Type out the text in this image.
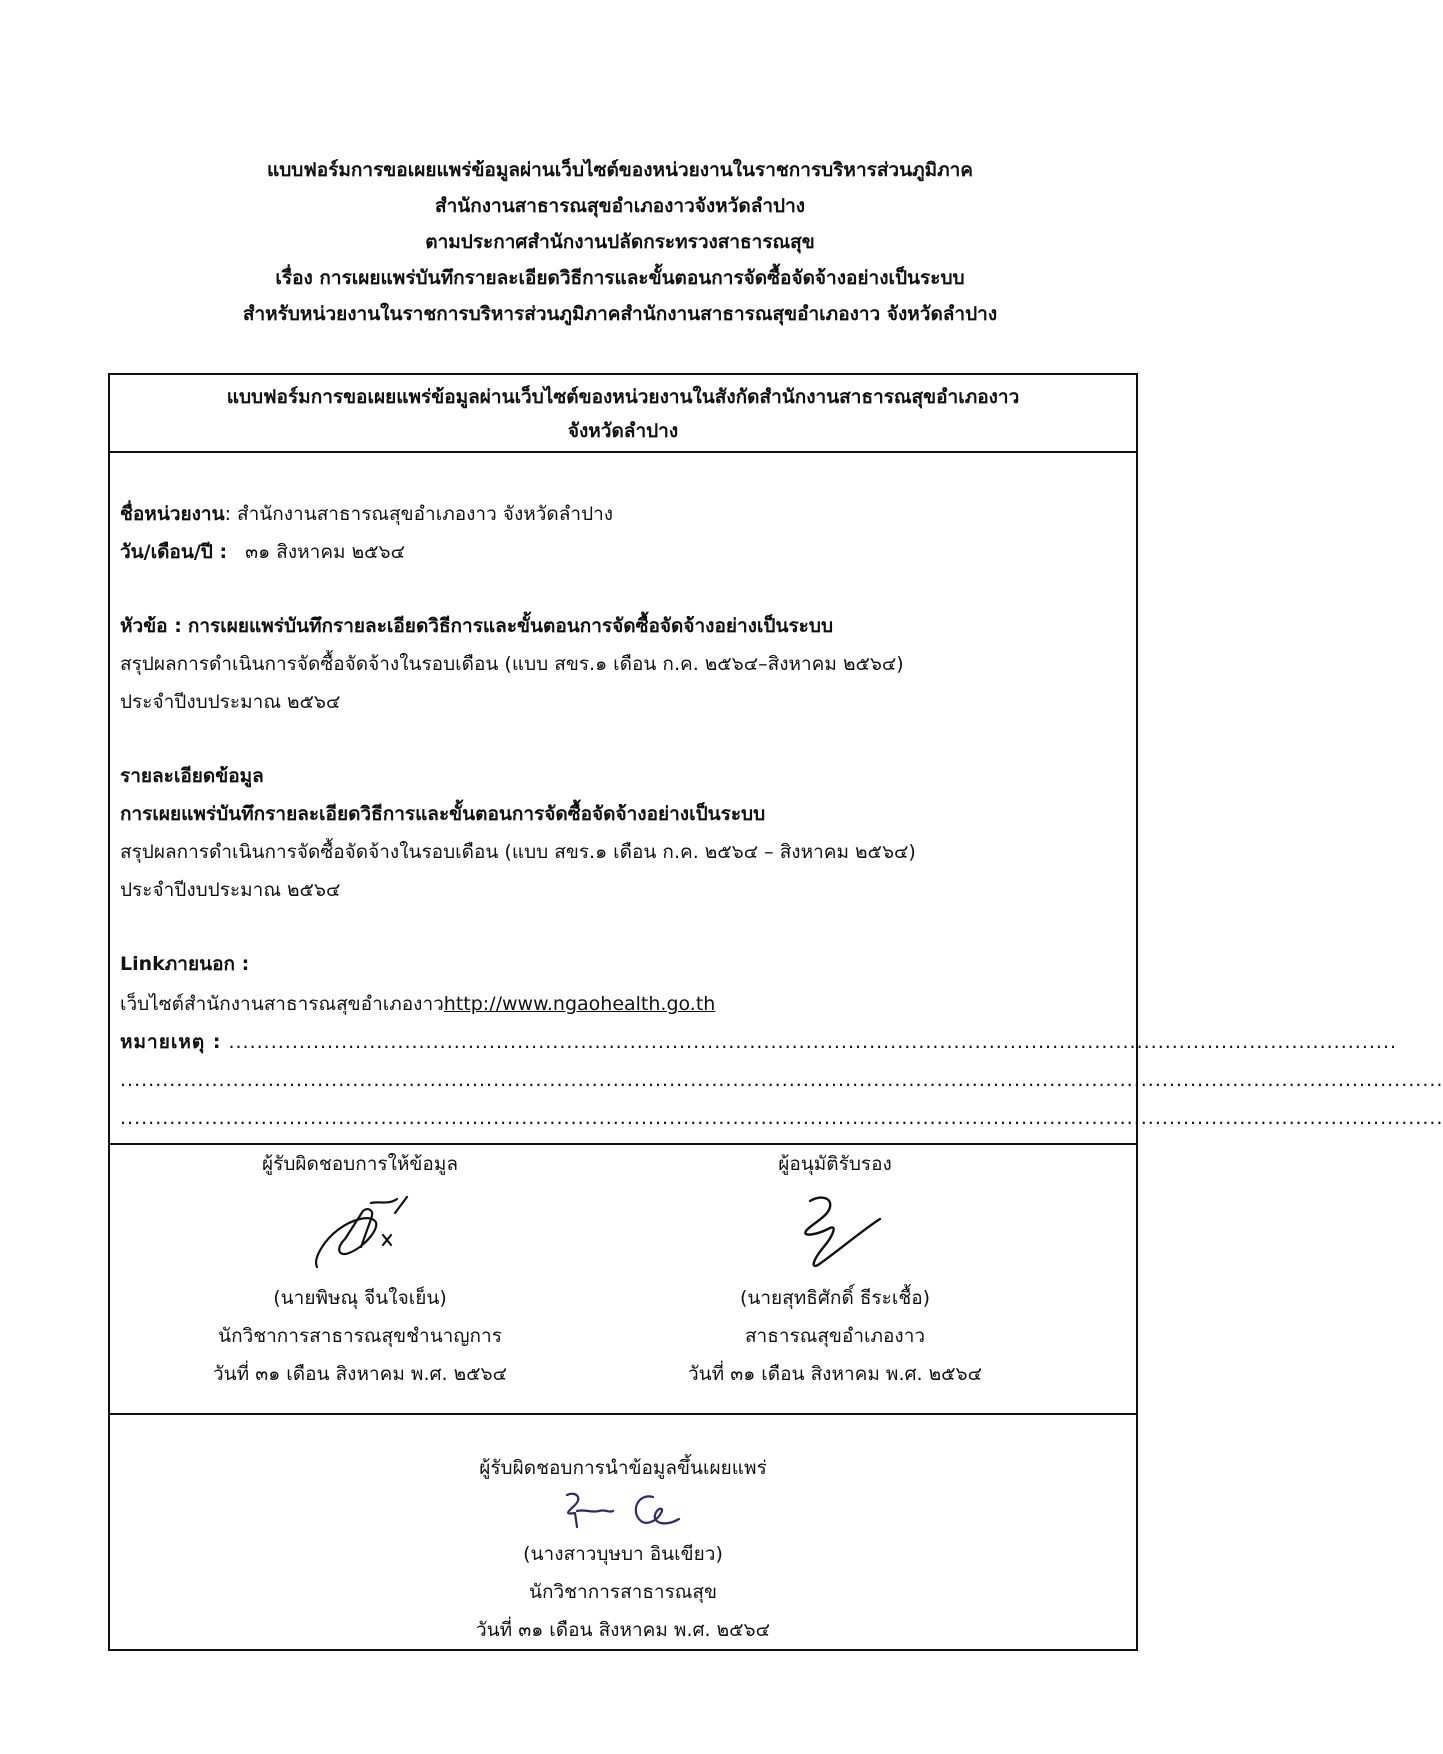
แบบฟอร์มการขอเผยแพร่ข้อมูลผ่านเว็บไซต์ของหน่วยงานในราชการบริหารส่วนภูมิภาค
สำนักงานสาธารณสุขอำเภองาวจังหวัดลำปาง
ตามประกาศสำนักงานปลัดกระทรวงสาธารณสุข
เรื่อง การเผยแพร่บันทึกรายละเอียดวิธีการและขั้นตอนการจัดซื้อจัดจ้างอย่างเป็นระบบ
สำหรับหน่วยงานในราชการบริหารส่วนภูมิภาคสำนักงานสาธารณสุขอำเภองาว จังหวัดลำปาง
แบบฟอร์มการขอเผยแพร่ข้อมูลผ่านเว็บไซต์ของหน่วยงานในสังกัดสำนักงานสาธารณสุขอำเภองาว
จังหวัดลำปาง
ชื่อหน่วยงาน: สำนักงานสาธารณสุขอำเภองาว จังหวัดลำปาง
วัน/เดือน/ปี : ๓๑ สิงหาคม ๒๕๖๔
หัวข้อ : การเผยแพร่บันทึกรายละเอียดวิธีการและขั้นตอนการจัดซื้อจัดจ้างอย่างเป็นระบบ
สรุปผลการดำเนินการจัดซื้อจัดจ้างในรอบเดือน (แบบ สขร.๑ เดือน ก.ค. ๒๕๖๔–สิงหาคม ๒๕๖๔)
ประจำปีงบประมาณ ๒๕๖๔
รายละเอียดข้อมูล
การเผยแพร่บันทึกรายละเอียดวิธีการและขั้นตอนการจัดซื้อจัดจ้างอย่างเป็นระบบ
สรุปผลการดำเนินการจัดซื้อจัดจ้างในรอบเดือน (แบบ สขร.๑ เดือน ก.ค. ๒๕๖๔ – สิงหาคม ๒๕๖๔)
ประจำปีงบประมาณ ๒๕๖๔
Linkภายนอก :
เว็บไซต์สำนักงานสาธารณสุขอำเภองาวhttp://www.ngaohealth.go.th
หมายเหตุ : ......................................................................................................................................................................
............................................................................................................................................................................................
............................................................................................................................................................................................
ผู้รับผิดชอบการให้ข้อมูล
(นายพิษณุ จีนใจเย็น)
นักวิชาการสาธารณสุขชำนาญการ
วันที่ ๓๑ เดือน สิงหาคม พ.ศ. ๒๕๖๔
ผู้อนุมัติรับรอง
(นายสุทธิศักดิ์ ธีระเชื้อ)
สาธารณสุขอำเภองาว
วันที่ ๓๑ เดือน สิงหาคม พ.ศ. ๒๕๖๔
ผู้รับผิดชอบการนำข้อมูลขึ้นเผยแพร่
(นางสาวบุษบา อินเขียว)
นักวิชาการสาธารณสุข
วันที่ ๓๑ เดือน สิงหาคม พ.ศ. ๒๕๖๔
